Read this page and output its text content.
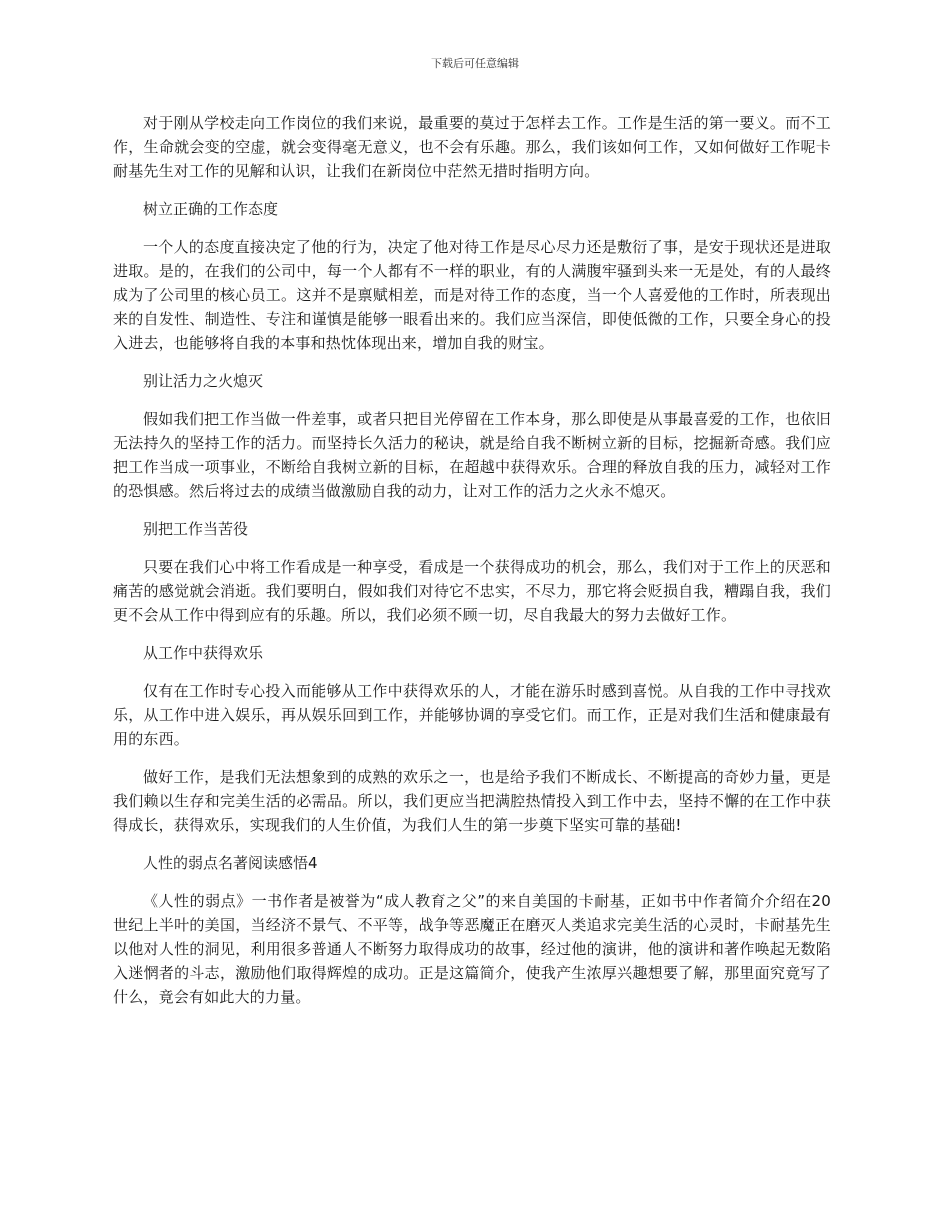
下载后可任意编辑

对于刚从学校走向工作岗位的我们来说，最重要的莫过于怎样去工作。工作是生活的第一要义。而不工作，生命就会变的空虚，就会变得毫无意义，也不会有乐趣。那么，我们该如何工作，又如何做好工作呢卡耐基先生对工作的见解和认识，让我们在新岗位中茫然无措时指明方向。

树立正确的工作态度

一个人的态度直接决定了他的行为，决定了他对待工作是尽心尽力还是敷衍了事，是安于现状还是进取进取。是的，在我们的公司中，每一个人都有不一样的职业，有的人满腹牢骚到头来一无是处，有的人最终成为了公司里的核心员工。这并不是禀赋相差，而是对待工作的态度，当一个人喜爱他的工作时，所表现出来的自发性、制造性、专注和谨慎是能够一眼看出来的。我们应当深信，即使低微的工作，只要全身心的投入进去，也能够将自我的本事和热忱体现出来，增加自我的财宝。

别让活力之火熄灭

假如我们把工作当做一件差事，或者只把目光停留在工作本身，那么即使是从事最喜爱的工作，也依旧无法持久的坚持工作的活力。而坚持长久活力的秘诀，就是给自我不断树立新的目标，挖掘新奇感。我们应把工作当成一项事业，不断给自我树立新的目标，在超越中获得欢乐。合理的释放自我的压力，减轻对工作的恐惧感。然后将过去的成绩当做激励自我的动力，让对工作的活力之火永不熄灭。

别把工作当苦役

只要在我们心中将工作看成是一种享受，看成是一个获得成功的机会，那么，我们对于工作上的厌恶和痛苦的感觉就会消逝。我们要明白，假如我们对待它不忠实，不尽力，那它将会贬损自我，糟蹋自我，我们更不会从工作中得到应有的乐趣。所以，我们必须不顾一切，尽自我最大的努力去做好工作。

从工作中获得欢乐

仅有在工作时专心投入而能够从工作中获得欢乐的人，才能在游乐时感到喜悦。从自我的工作中寻找欢乐，从工作中进入娱乐，再从娱乐回到工作，并能够协调的享受它们。而工作，正是对我们生活和健康最有用的东西。

做好工作，是我们无法想象到的成熟的欢乐之一，也是给予我们不断成长、不断提高的奇妙力量，更是我们赖以生存和完美生活的必需品。所以，我们更应当把满腔热情投入到工作中去，坚持不懈的在工作中获得成长，获得欢乐，实现我们的人生价值，为我们人生的第一步奠下坚实可靠的基础!

人性的弱点名著阅读感悟4

《人性的弱点》一书作者是被誉为“成人教育之父”的来自美国的卡耐基，正如书中作者简介介绍在20世纪上半叶的美国，当经济不景气、不平等，战争等恶魔正在磨灭人类追求完美生活的心灵时，卡耐基先生以他对人性的洞见，利用很多普通人不断努力取得成功的故事，经过他的演讲，他的演讲和著作唤起无数陷入迷惘者的斗志，激励他们取得辉煌的成功。正是这篇简介，使我产生浓厚兴趣想要了解，那里面究竟写了什么，竟会有如此大的力量。
